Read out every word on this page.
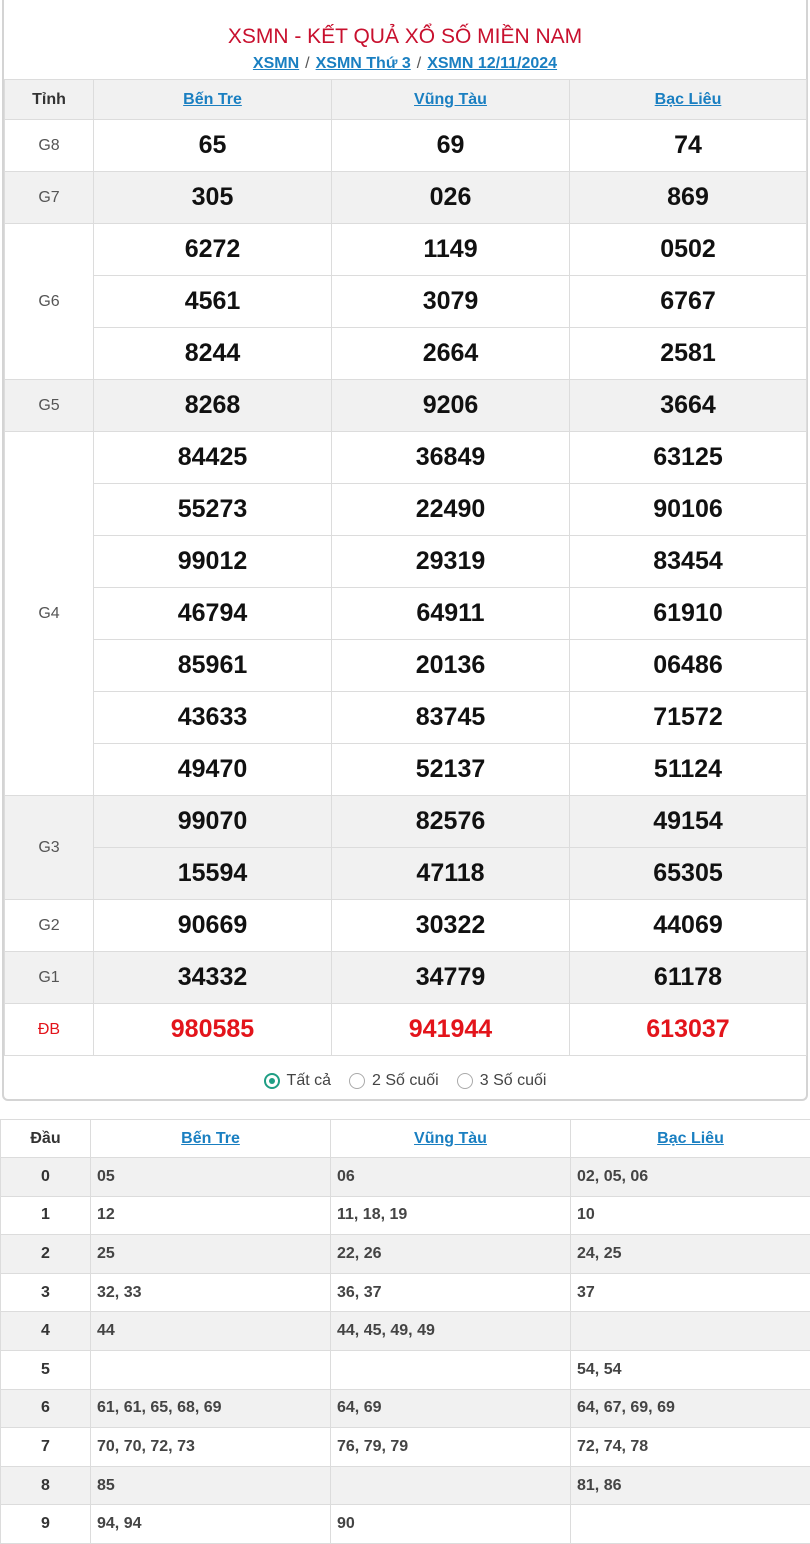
XSMN - KẾT QUẢ XỔ SỐ MIỀN NAM
XSMN / XSMN Thứ 3 / XSMN 12/11/2024
Tỉnh	Bến Tre	Vũng Tàu	Bạc Liêu
G8	65	69	74
G7	305	026	869
G6	6272	1149	0502
	4561	3079	6767
	8244	2664	2581
G5	8268	9206	3664
G4	84425	36849	63125
	55273	22490	90106
	99012	29319	83454
	46794	64911	61910
	85961	20136	06486
	43633	83745	71572
	49470	52137	51124
G3	99070	82576	49154
	15594	47118	65305
G2	90669	30322	44069
G1	34332	34779	61178
ĐB	980585	941944	613037
Tất cả	2 Số cuối	3 Số cuối
Đầu	Bến Tre	Vũng Tàu	Bạc Liêu
0	05	06	02, 05, 06
1	12	11, 18, 19	10
2	25	22, 26	24, 25
3	32, 33	36, 37	37
4	44	44, 45, 49, 49	
5			54, 54
6	61, 61, 65, 68, 69	64, 69	64, 67, 69, 69
7	70, 70, 72, 73	76, 79, 79	72, 74, 78
8	85		81, 86
9	94, 94	90	
